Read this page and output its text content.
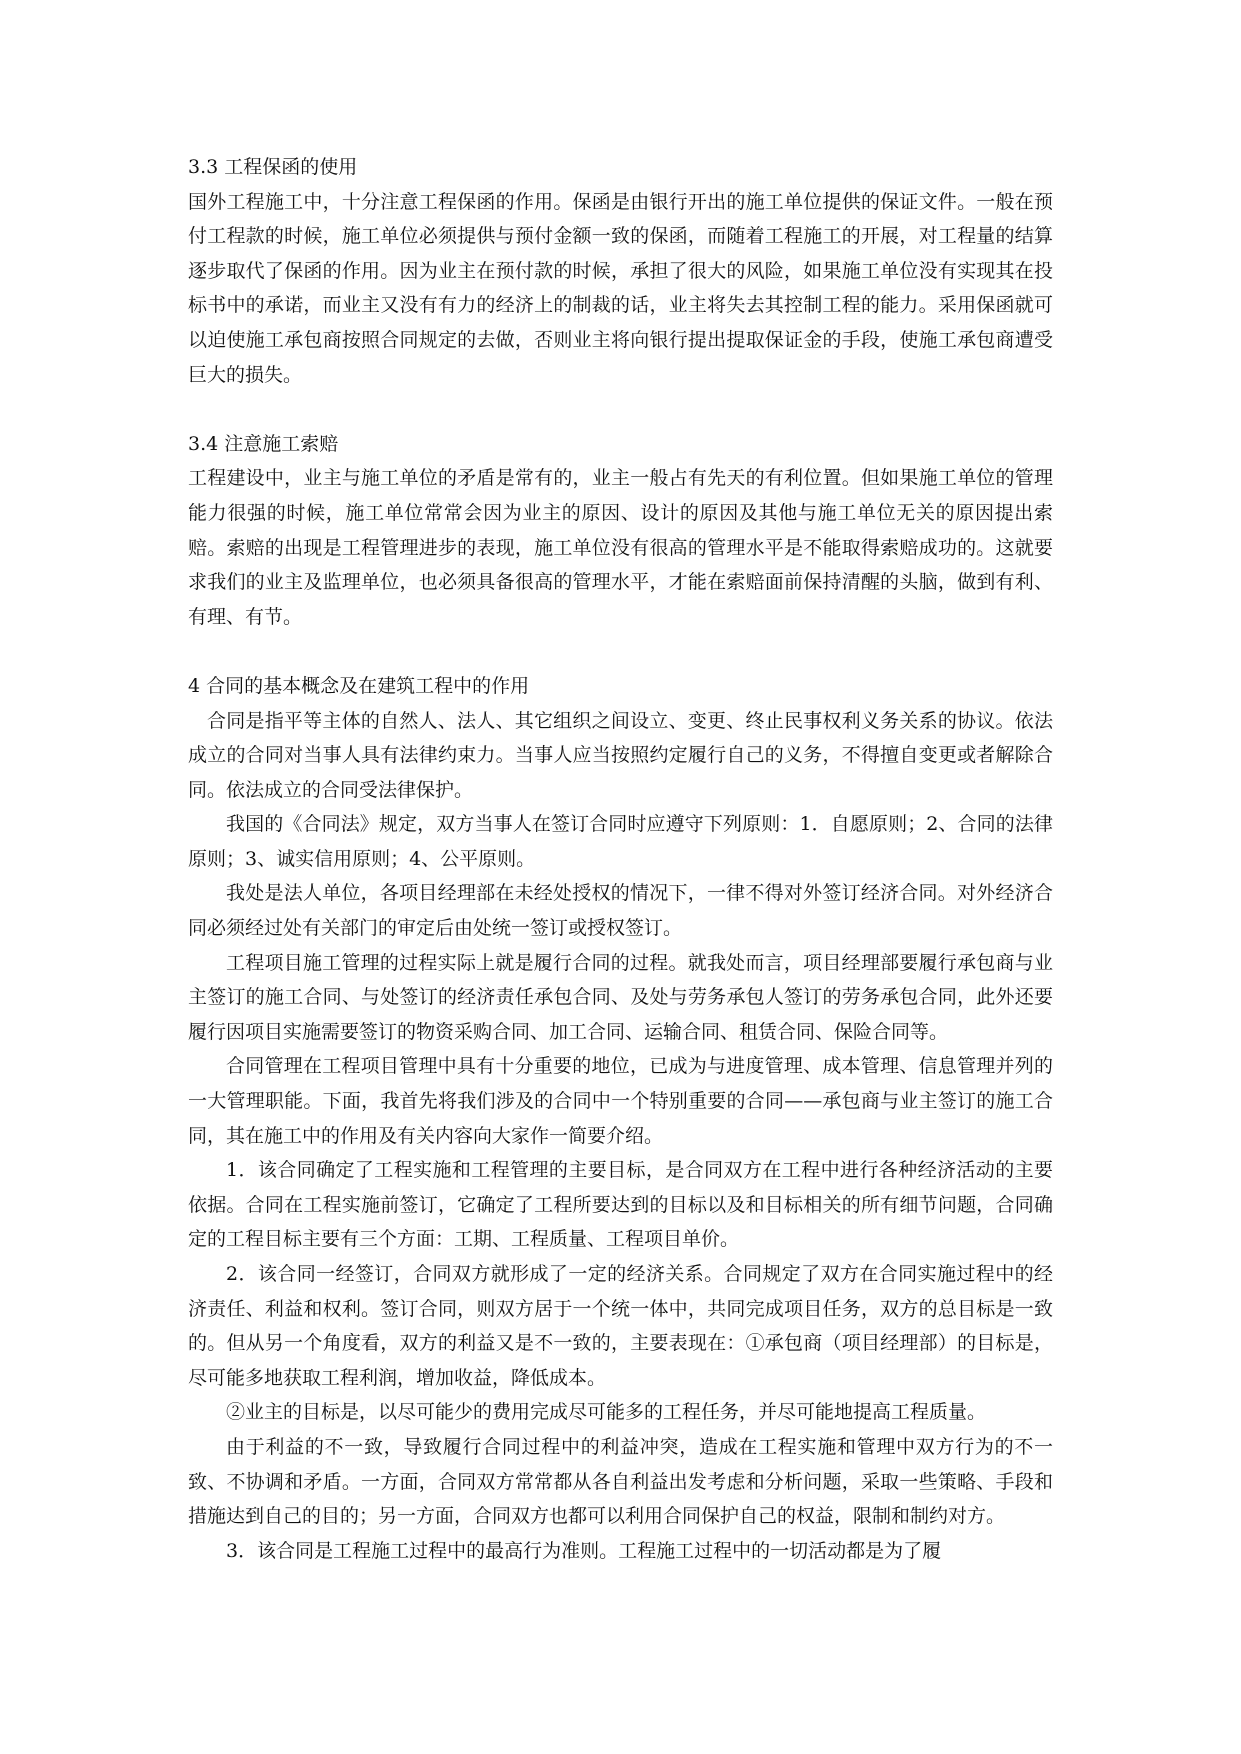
3.3 工程保函的使用

国外工程施工中，十分注意工程保函的作用。保函是由银行开出的施工单位提供的保证文件。一般在预付工程款的时候，施工单位必须提供与预付金额一致的保函，而随着工程施工的开展，对工程量的结算逐步取代了保函的作用。因为业主在预付款的时候，承担了很大的风险，如果施工单位没有实现其在投标书中的承诺，而业主又没有有力的经济上的制裁的话，业主将失去其控制工程的能力。采用保函就可以迫使施工承包商按照合同规定的去做，否则业主将向银行提出提取保证金的手段，使施工承包商遭受巨大的损失。

3.4 注意施工索赔

工程建设中，业主与施工单位的矛盾是常有的，业主一般占有先天的有利位置。但如果施工单位的管理能力很强的时候，施工单位常常会因为业主的原因、设计的原因及其他与施工单位无关的原因提出索赔。索赔的出现是工程管理进步的表现，施工单位没有很高的管理水平是不能取得索赔成功的。这就要求我们的业主及监理单位，也必须具备很高的管理水平，才能在索赔面前保持清醒的头脑，做到有利、有理、有节。

4 合同的基本概念及在建筑工程中的作用

合同是指平等主体的自然人、法人、其它组织之间设立、变更、终止民事权利义务关系的协议。依法成立的合同对当事人具有法律约束力。当事人应当按照约定履行自己的义务，不得擅自变更或者解除合同。依法成立的合同受法律保护。

我国的《合同法》规定，双方当事人在签订合同时应遵守下列原则：1．自愿原则；2、合同的法律原则；3、诚实信用原则；4、公平原则。

我处是法人单位，各项目经理部在未经处授权的情况下，一律不得对外签订经济合同。对外经济合同必须经过处有关部门的审定后由处统一签订或授权签订。

工程项目施工管理的过程实际上就是履行合同的过程。就我处而言，项目经理部要履行承包商与业主签订的施工合同、与处签订的经济责任承包合同、及处与劳务承包人签订的劳务承包合同，此外还要履行因项目实施需要签订的物资采购合同、加工合同、运输合同、租赁合同、保险合同等。

合同管理在工程项目管理中具有十分重要的地位，已成为与进度管理、成本管理、信息管理并列的一大管理职能。下面，我首先将我们涉及的合同中一个特别重要的合同——承包商与业主签订的施工合同，其在施工中的作用及有关内容向大家作一简要介绍。

1．该合同确定了工程实施和工程管理的主要目标，是合同双方在工程中进行各种经济活动的主要依据。合同在工程实施前签订，它确定了工程所要达到的目标以及和目标相关的所有细节问题，合同确定的工程目标主要有三个方面：工期、工程质量、工程项目单价。

2．该合同一经签订，合同双方就形成了一定的经济关系。合同规定了双方在合同实施过程中的经济责任、利益和权利。签订合同，则双方居于一个统一体中，共同完成项目任务，双方的总目标是一致的。但从另一个角度看，双方的利益又是不一致的，主要表现在：①承包商（项目经理部）的目标是，尽可能多地获取工程利润，增加收益，降低成本。

②业主的目标是，以尽可能少的费用完成尽可能多的工程任务，并尽可能地提高工程质量。

由于利益的不一致，导致履行合同过程中的利益冲突，造成在工程实施和管理中双方行为的不一致、不协调和矛盾。一方面，合同双方常常都从各自利益出发考虑和分析问题，采取一些策略、手段和措施达到自己的目的；另一方面，合同双方也都可以利用合同保护自己的权益，限制和制约对方。

3．该合同是工程施工过程中的最高行为准则。工程施工过程中的一切活动都是为了履
